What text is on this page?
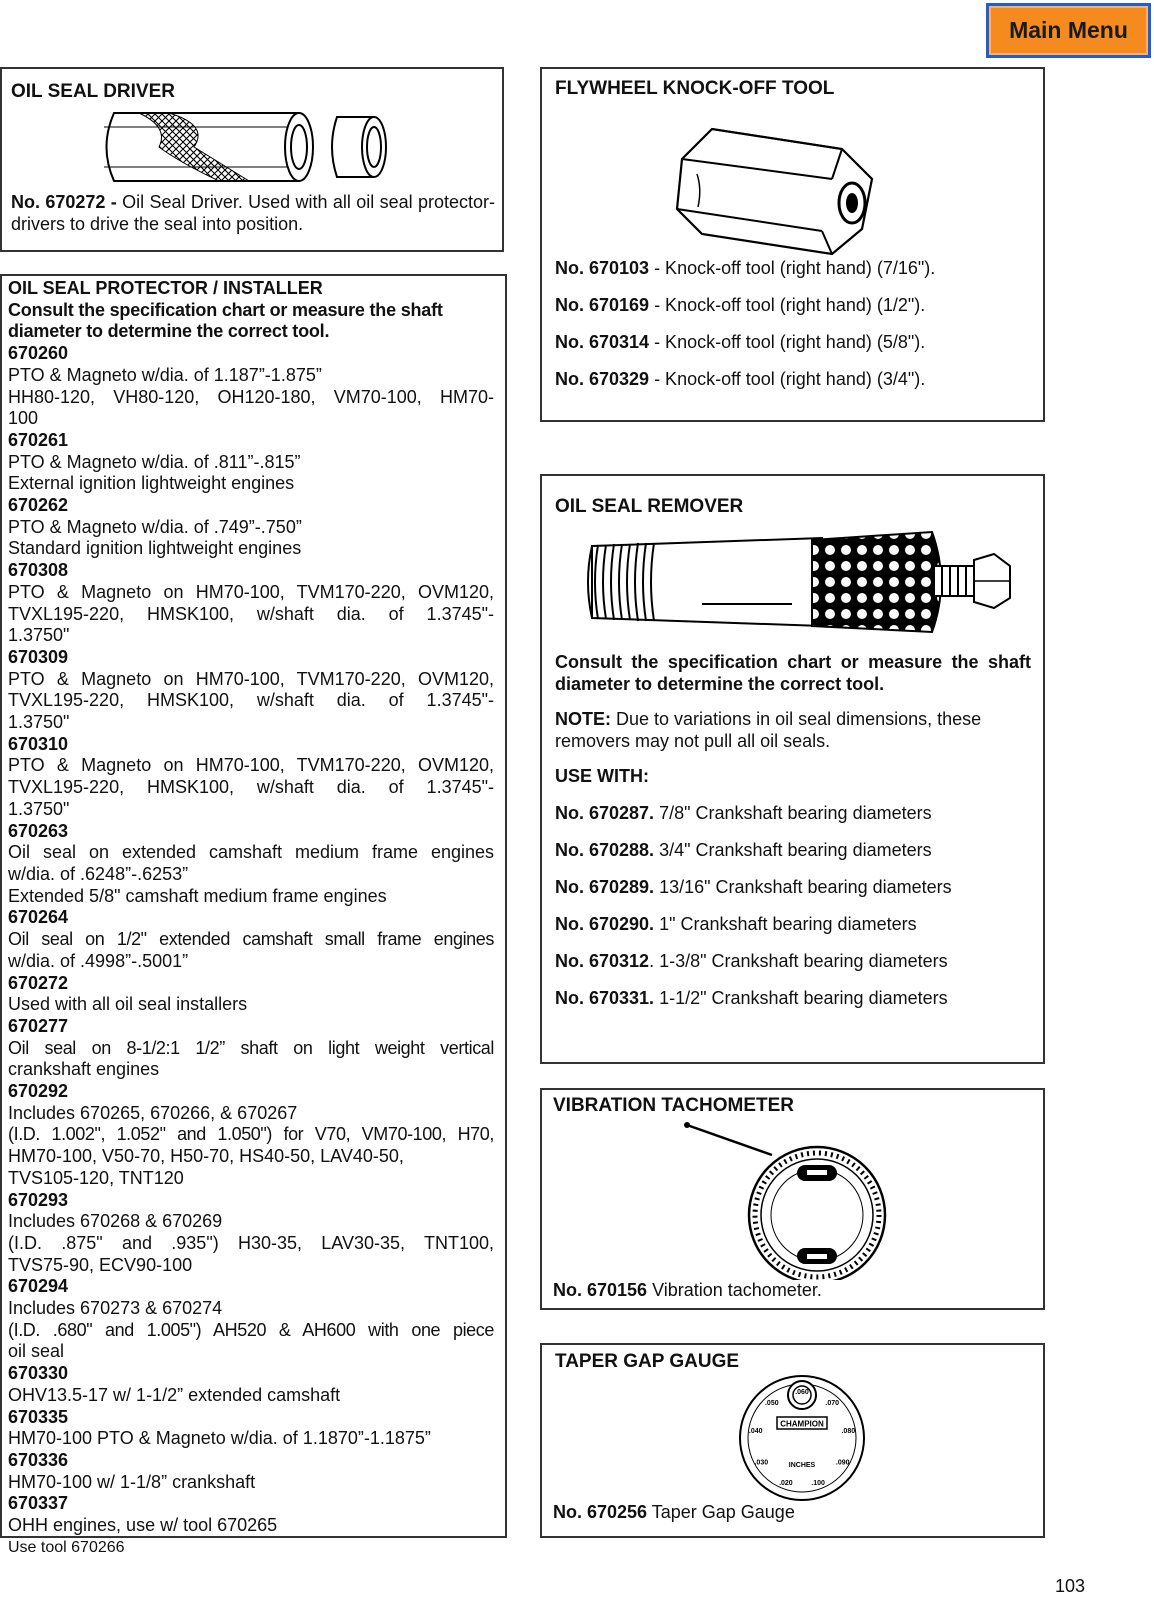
Main Menu
OIL SEAL DRIVER
No. 670272 - Oil Seal Driver. Used with all oil seal protector-drivers to drive the seal into position.
OIL SEAL PROTECTOR / INSTALLER
Consult the specification chart or measure the shaft diameter to determine the correct tool.
670260
PTO & Magneto w/dia. of 1.187”-1.875”
HH80-120, VH80-120, OH120-180, VM70-100, HM70-
100
670261
PTO & Magneto w/dia. of .811”-.815”
External ignition lightweight engines
670262
PTO & Magneto w/dia. of .749”-.750”
Standard ignition lightweight engines
670308
PTO & Magneto on HM70-100, TVM170-220, OVM120,
TVXL195-220, HMSK100, w/shaft dia. of 1.3745"-
1.3750"
670309
PTO & Magneto on HM70-100, TVM170-220, OVM120,
TVXL195-220, HMSK100, w/shaft dia. of 1.3745"-
1.3750"
670310
PTO & Magneto on HM70-100, TVM170-220, OVM120,
TVXL195-220, HMSK100, w/shaft dia. of 1.3745"-
1.3750"
670263
Oil seal on extended camshaft medium frame engines
w/dia. of .6248”-.6253”
Extended 5/8" camshaft medium frame engines
670264
Oil seal on 1/2" extended camshaft small frame engines
w/dia. of .4998”-.5001”
670272
Used with all oil seal installers
670277
Oil seal on 8-1/2:1 1/2” shaft on light weight vertical
crankshaft engines
670292
Includes 670265, 670266, & 670267
(I.D. 1.002", 1.052" and 1.050") for V70, VM70-100, H70,
HM70-100, V50-70, H50-70, HS40-50, LAV40-50,
TVS105-120, TNT120
670293
Includes 670268 & 670269
(I.D. .875" and .935") H30-35, LAV30-35, TNT100,
TVS75-90, ECV90-100
670294
Includes 670273 & 670274
(I.D. .680" and 1.005") AH520 & AH600 with one piece
oil seal
670330
OHV13.5-17 w/ 1-1/2” extended camshaft
670335
HM70-100 PTO & Magneto w/dia. of 1.1870”-1.1875”
670336
HM70-100 w/ 1-1/8” crankshaft
670337
OHH engines, use w/ tool 670265
Use tool 670266
FLYWHEEL KNOCK-OFF TOOL
No. 670103 - Knock-off tool (right hand) (7/16").
No. 670169 - Knock-off tool (right hand) (1/2").
No. 670314 - Knock-off tool (right hand) (5/8").
No. 670329 - Knock-off tool (right hand) (3/4").
OIL SEAL REMOVER
Consult the specification chart or measure the shaft diameter to determine the correct tool.
NOTE: Due to variations in oil seal dimensions, these removers may not pull all oil seals.
USE WITH:
No. 670287. 7/8" Crankshaft bearing diameters
No. 670288. 3/4" Crankshaft bearing diameters
No. 670289. 13/16" Crankshaft bearing diameters
No. 670290. 1" Crankshaft bearing diameters
No. 670312. 1-3/8" Crankshaft bearing diameters
No. 670331. 1-1/2" Crankshaft bearing diameters
VIBRATION TACHOMETER
No. 670156 Vibration tachometer.
TAPER GAP GAUGE
CHAMPION
INCHES
.020
.030
.040
.050
.060
.070
.080
.090
.100
No. 670256 Taper Gap Gauge
103
